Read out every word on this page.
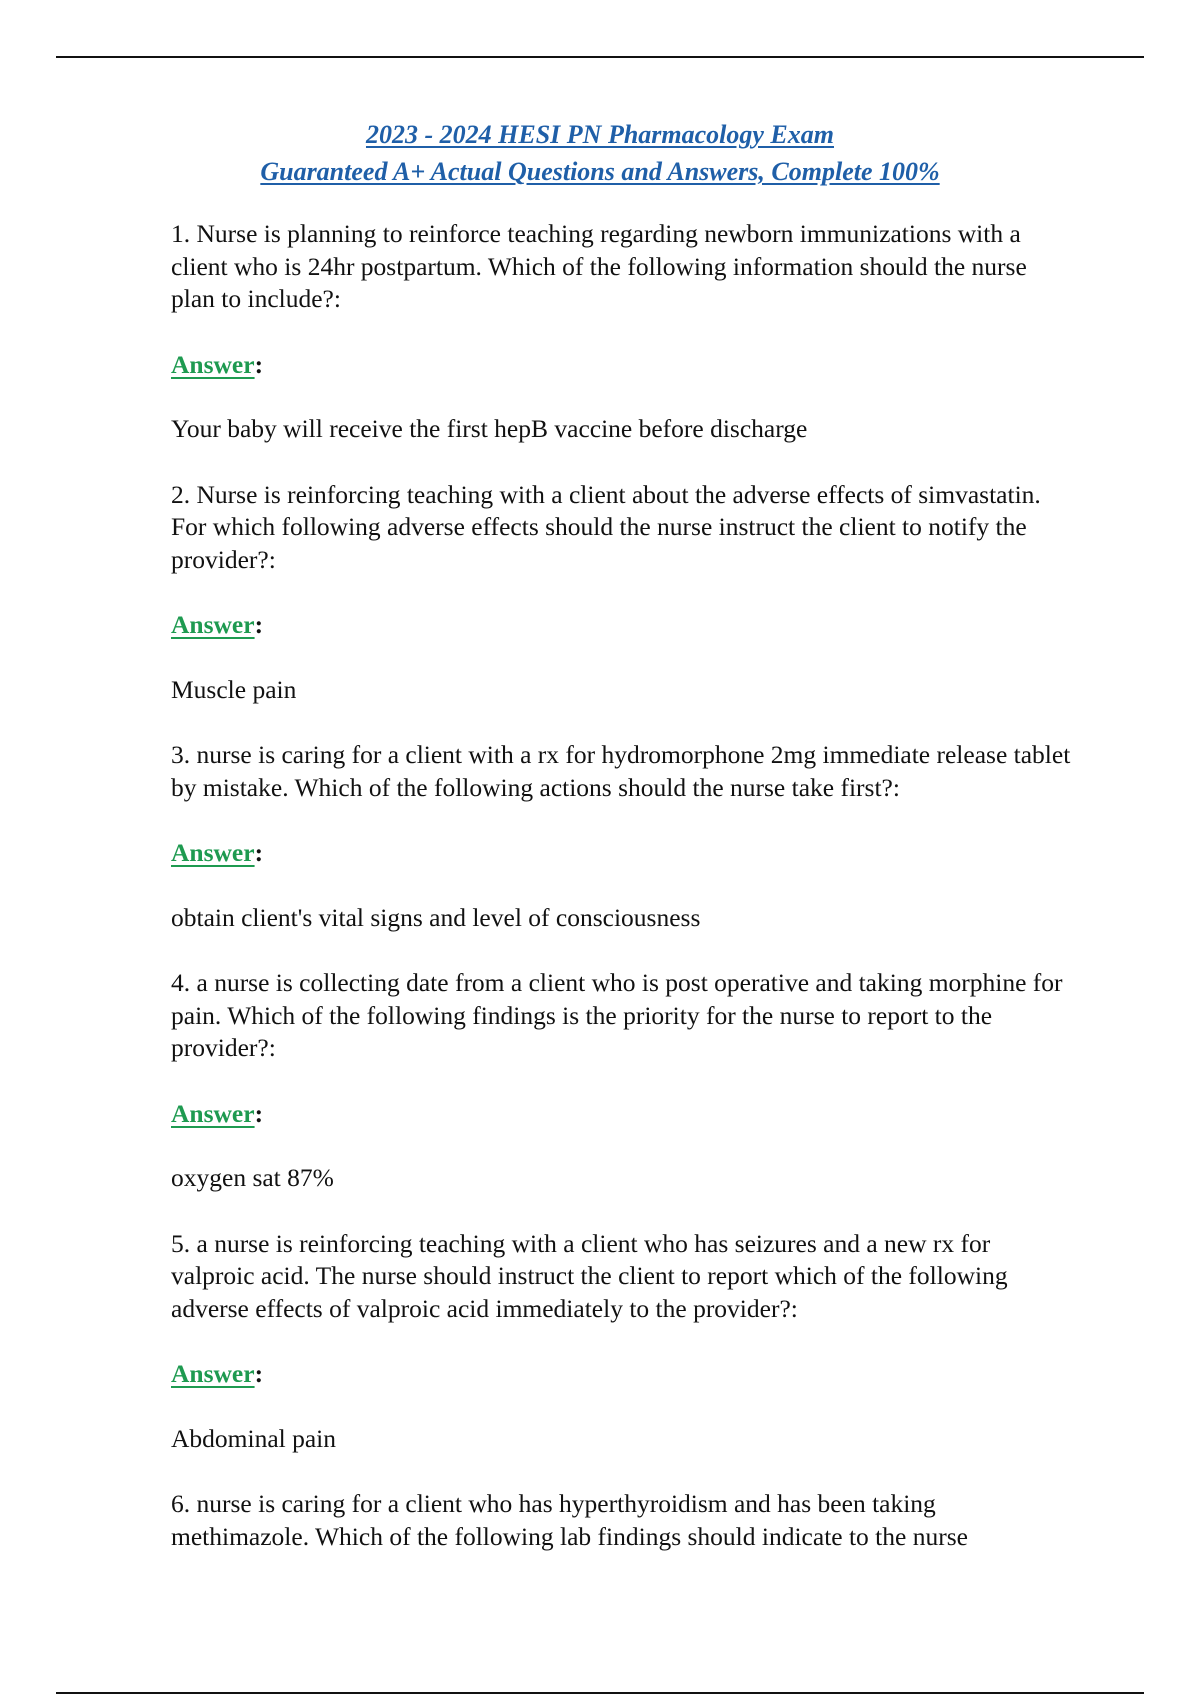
2023 - 2024 HESI PN Pharmacology Exam
Guaranteed A+ Actual Questions and Answers, Complete 100%

1. Nurse is planning to reinforce teaching regarding newborn immunizations with a client who is 24hr postpartum. Which of the following information should the nurse plan to include?:

Answer:

Your baby will receive the first hepB vaccine before discharge

2. Nurse is reinforcing teaching with a client about the adverse effects of simvastatin. For which following adverse effects should the nurse instruct the client to notify the provider?:

Answer:

Muscle pain

3. nurse is caring for a client with a rx for hydromorphone 2mg immediate release tablet by mistake. Which of the following actions should the nurse take first?:

Answer:

obtain client's vital signs and level of consciousness

4. a nurse is collecting date from a client who is post operative and taking morphine for pain. Which of the following findings is the priority for the nurse to report to the provider?:

Answer:

oxygen sat 87%

5. a nurse is reinforcing teaching with a client who has seizures and a new rx for valproic acid. The nurse should instruct the client to report which of the following adverse effects of valproic acid immediately to the provider?:

Answer:

Abdominal pain

6. nurse is caring for a client who has hyperthyroidism and has been taking methimazole. Which of the following lab findings should indicate to the nurse
